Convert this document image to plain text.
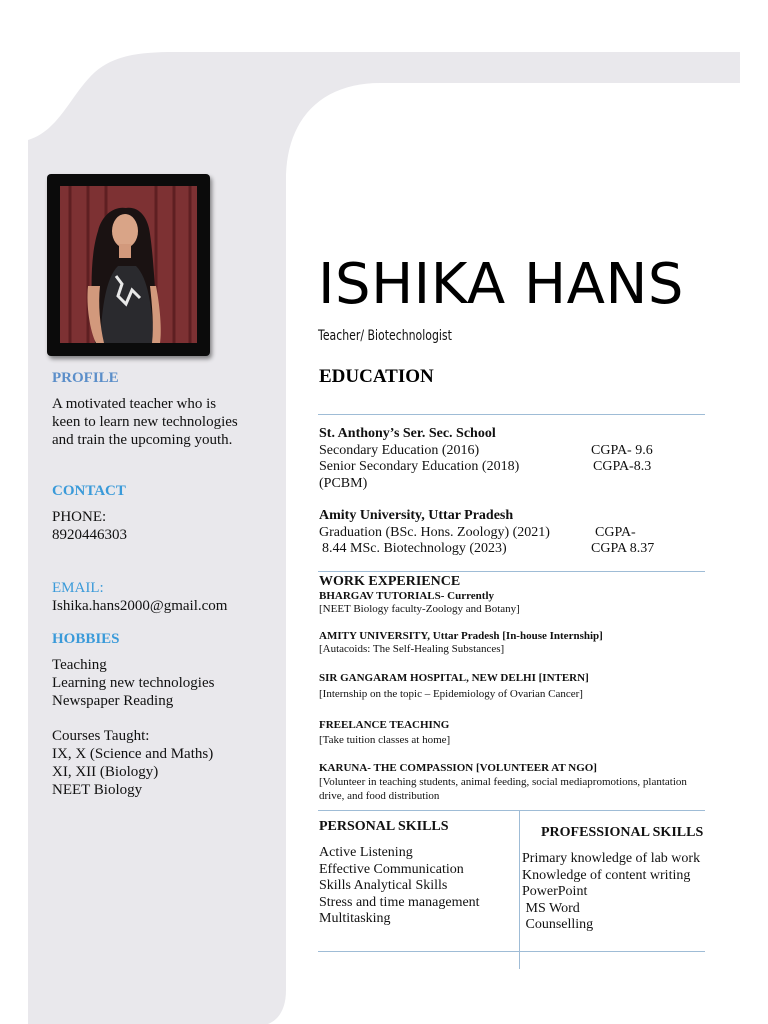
PROFILE
A motivated teacher who is
keen to learn new technologies
and train the upcoming youth.
CONTACT
PHONE:
8920446303
EMAIL:
Ishika.hans2000@gmail.com
HOBBIES
Teaching
Learning new technologies
Newspaper Reading
Courses Taught:
IX, X (Science and Maths)
XI, XII (Biology)
NEET Biology
ISHIKA HANS
Teacher/ Biotechnologist
EDUCATION
St. Anthony’s Ser. Sec. School
Secondary Education (2016)	CGPA- 9.6
Senior Secondary Education (2018)	CGPA-8.3
(PCBM)
Amity University, Uttar Pradesh
Graduation (BSc. Hons. Zoology) (2021)	CGPA-
8.44 MSc. Biotechnology (2023)	CGPA 8.37
WORK EXPERIENCE
BHARGAV TUTORIALS- Currently
[NEET Biology faculty-Zoology and Botany]
AMITY UNIVERSITY, Uttar Pradesh [In-house Internship]
[Autacoids: The Self-Healing Substances]
SIR GANGARAM HOSPITAL, NEW DELHI [INTERN]
[Internship on the topic – Epidemiology of Ovarian Cancer]
FREELANCE TEACHING
[Take tuition classes at home]
KARUNA- THE COMPASSION [VOLUNTEER AT NGO]
[Volunteer in teaching students, animal feeding, social mediapromotions, plantation drive, and food distribution
PERSONAL SKILLS
Active Listening
Effective Communication
Skills Analytical Skills
Stress and time management
Multitasking
PROFESSIONAL SKILLS
Primary knowledge of lab work
Knowledge of content writing
PowerPoint
MS Word
Counselling
